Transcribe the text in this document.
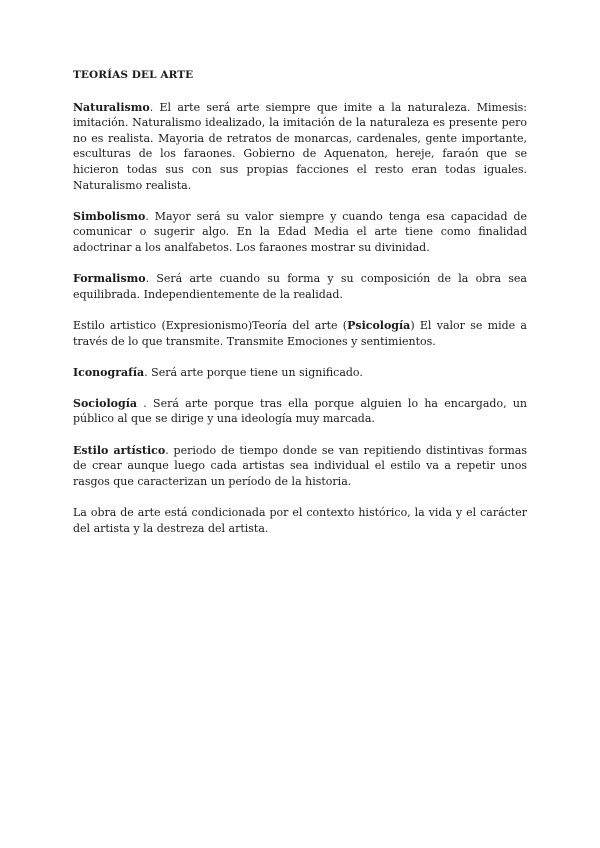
TEORÍAS DEL ARTE

Naturalismo. El arte será arte siempre que imite a la naturaleza. Mimesis: imitación. Naturalismo idealizado, la imitación de la naturaleza es presente pero no es realista. Mayoria de retratos de monarcas, cardenales, gente importante, esculturas de los faraones. Gobierno de Aquenaton, hereje, faraón que se hicieron todas sus con sus propias facciones el resto eran todas iguales. Naturalismo realista.

Simbolismo. Mayor será su valor siempre y cuando tenga esa capacidad de comunicar o sugerir algo. En la Edad Media el arte tiene como finalidad adoctrinar a los analfabetos. Los faraones mostrar su divinidad.

Formalismo. Será arte cuando su forma y su composición de la obra sea equilibrada. Independientemente de la realidad.

Estilo artistico (Expresionismo)Teoría del arte (Psicología) El valor se mide a través de lo que transmite. Transmite Emociones y sentimientos.

Iconografía. Será arte porque tiene un significado.

Sociología . Será arte porque tras ella porque alguien lo ha encargado, un público al que se dirige y una ideología muy marcada.

Estilo artístico. periodo de tiempo donde se van repitiendo distintivas formas de crear aunque luego cada artistas sea individual el estilo va a repetir unos rasgos que caracterizan un período de la historia.

La obra de arte está condicionada por el contexto histórico, la vida y el carácter del artista y la destreza del artista.
